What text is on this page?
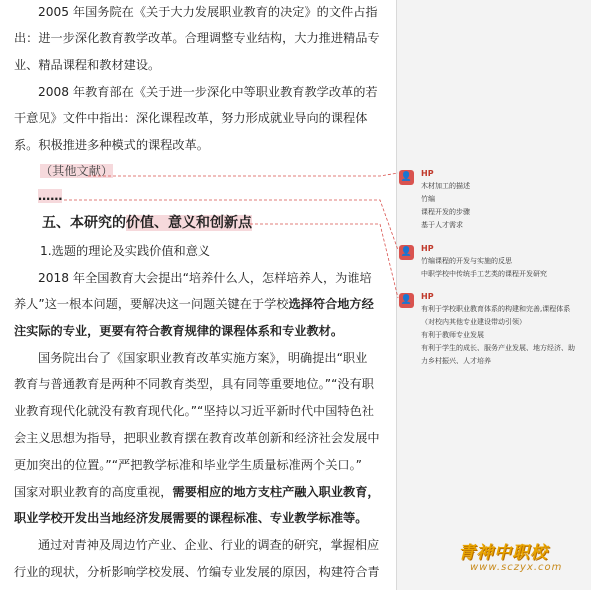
2005 年国务院在《关于大力发展职业教育的决定》的文件占指
出：进一步深化教育教学改革。合理调整专业结构，大力推进精品专
业、精品课程和教材建设。
2008 年教育部在《关于进一步深化中等职业教育教学改革的若
干意见》文件中指出：深化课程改革，努力形成就业导向的课程体
系。积极推进多种模式的课程改革。
（其他文献）
……
五、本研究的价值、意义和创新点
1.选题的理论及实践价值和意义
2018 年全国教育大会提出“培养什么人，怎样培养人，为谁培
养人”这一根本问题，要解决这一问题关键在于学校选择符合地方经
注实际的专业，更要有符合教育规律的课程体系和专业教材。
国务院出台了《国家职业教育改革实施方案》，明确提出“职业
教育与普通教育是两种不同教育类型，具有同等重要地位。”“没有职
业教育现代化就没有教育现代化。”“坚持以习近平新时代中国特色社
会主义思想为指导，把职业教育摆在教育改革创新和经济社会发展中
更加突出的位置。”“严把教学标准和毕业学生质量标准两个关口。”
国家对职业教育的高度重视，需要相应的地方支柱产融入职业教育，
职业学校开发出当地经济发展需要的课程标准、专业教学标准等。
通过对青神及周边竹产业、企业、行业的调查的研究，掌握相应
行业的现状，分析影响学校发展、竹编专业发展的原因，构建符合青
👤 HP
木材加工的描述
竹编
课程开发的步骤
基于人才需求
👤 HP
竹编课程的开发与实施的反思
中职学校中传统手工艺类的课程开发研究
👤 HP
有利于学校职业教育体系的构建和完善,课程体系
（对校内其他专业建设带动引领）
有利于教师专业发展
有利于学生的成长、服务产业发展、地方经济、助
力乡村振兴、人才培养
青神中职校
www.sczyx.com
